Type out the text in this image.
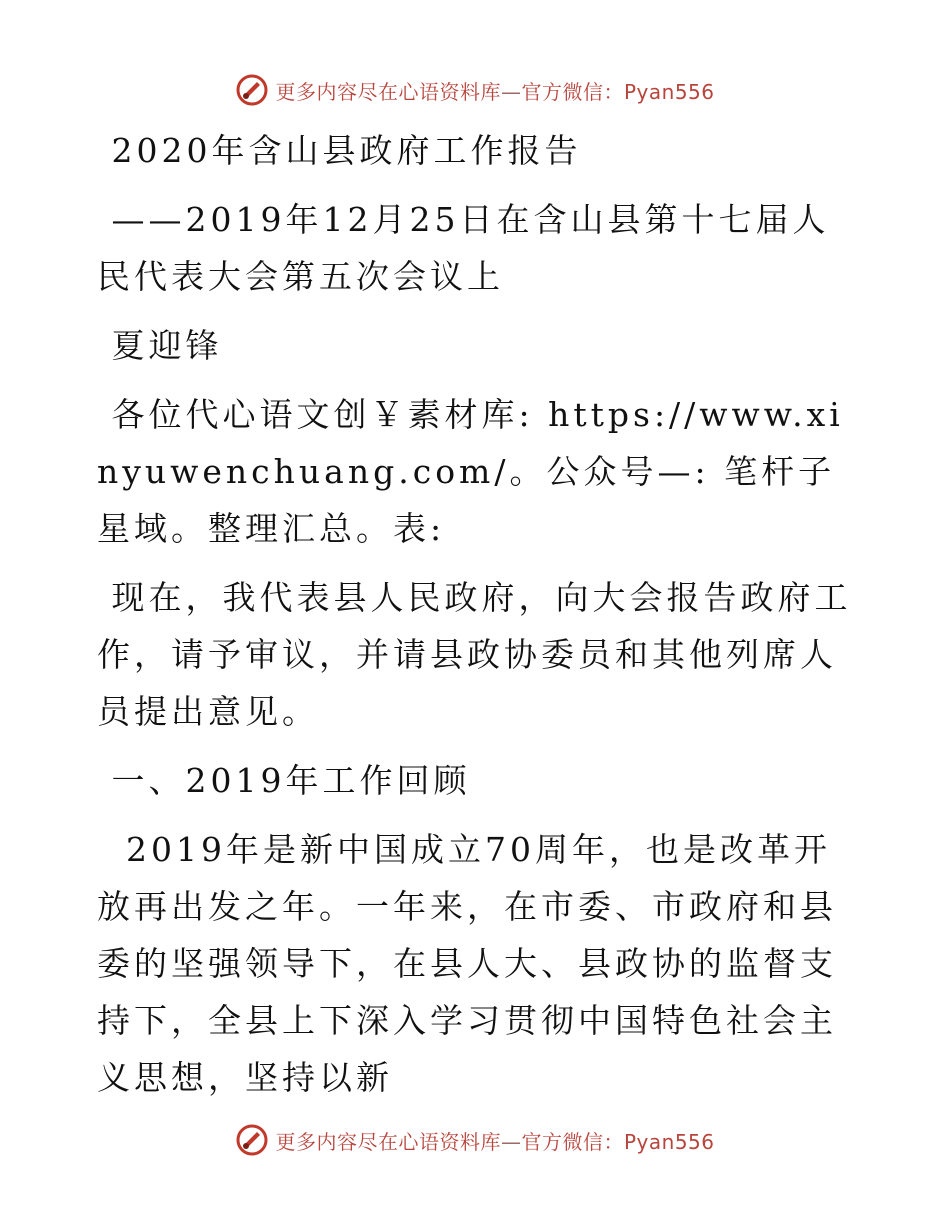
更多内容尽在心语资料库—官方微信：Pyan556

2020年含山县政府工作报告

——2019年12月25日在含山县第十七届人民代表大会第五次会议上

夏迎锋

各位代心语文创￥素材库: https://www.xinyuwenchuang.com/。公众号—: 笔杆子星域。整理汇总。表:

现在，我代表县人民政府，向大会报告政府工作，请予审议，并请县政协委员和其他列席人员提出意见。

一、2019年工作回顾

2019年是新中国成立70周年，也是改革开放再出发之年。一年来，在市委、市政府和县委的坚强领导下，在县人大、县政协的监督支持下，全县上下深入学习贯彻中国特色社会主义思想，坚持以新

更多内容尽在心语资料库—官方微信：Pyan556
